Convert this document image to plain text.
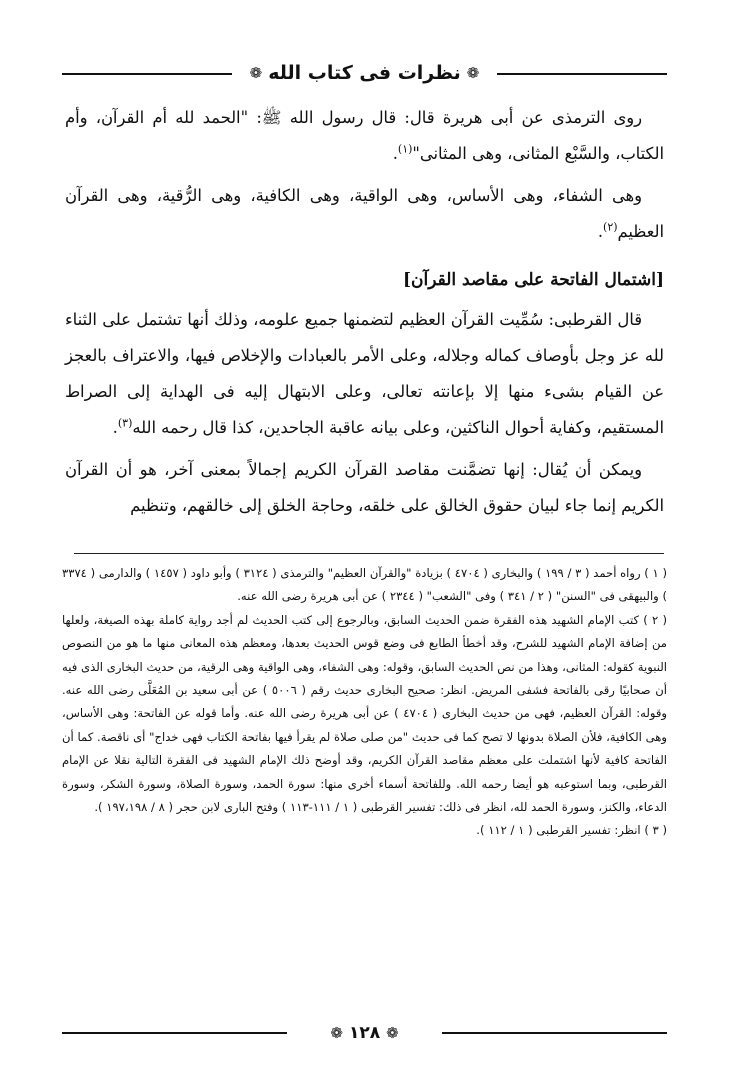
❁
نظرات فى كتاب الله
❁

روى الترمذى عن أبى هريرة قال: قال رسول الله ﷺ: "الحمد لله أم القرآن، وأم الكتاب، والسَّبْع المثانى، وهى المثانى"$^{(١)}$.

وهى الشفاء، وهى الأساس، وهى الواقية، وهى الكافية، وهى الرُّقية، وهى القرآن العظيم$^{(٢)}$.

[اشتمال الفاتحة على مقاصد القرآن]

قال القرطبى: سُمِّيت القرآن العظيم لتضمنها جميع علومه، وذلك أنها تشتمل على الثناء لله عز وجل بأوصاف كماله وجلاله، وعلى الأمر بالعبادات والإخلاص فيها، والاعتراف بالعجز عن القيام بشىء منها إلا بإعانته تعالى، وعلى الابتهال إليه فى الهداية إلى الصراط المستقيم، وكفاية أحوال الناكثين، وعلى بيانه عاقبة الجاحدين، كذا قال رحمه الله$^{(٣)}$.

ويمكن أن يُقال: إنها تضمَّنت مقاصد القرآن الكريم إجمالاً بمعنى آخر، هو أن القرآن الكريم إنما جاء لبيان حقوق الخالق على خلقه، وحاجة الخلق إلى خالقهم، وتنظيم

( ١ ) رواه أحمد ( ٣ / ١٩٩ ) والبخارى ( ٤٧٠٤ ) بزيادة "والقرآن العظيم" والترمذى ( ٣١٢٤ ) وأبو داود ( ١٤٥٧ ) والدارمى ( ٣٣٧٤ ) والبيهقى فى "السنن" ( ٢ / ٣٤١ ) وفى "الشعب" ( ٢٣٤٤ ) عن أبى هريرة رضى الله عنه.

( ٢ ) كتب الإمام الشهيد هذه الفقرة ضمن الحديث السابق، وبالرجوع إلى كتب الحديث لم أجد رواية كاملة بهذه الصيغة، ولعلها من إضافة الإمام الشهيد للشرح، وقد أخطأ الطابع فى وضع قوس الحديث بعدها، ومعظم هذه المعانى منها ما هو من النصوص النبوية كقوله: المثانى، وهذا من نص الحديث السابق، وقوله: وهى الشفاء، وهى الواقية وهى الرقية، من حديث البخارى الذى فيه أن صحابيًا رقى بالفاتحة فشفى المريض. انظر: صحيح البخارى حديث رقم ( ٥٠٠٦ ) عن أبى سعيد بن المُعَلَّى رضى الله عنه. وقوله: القرآن العظيم، فهى من حديث البخارى ( ٤٧٠٤ ) عن أبى هريرة رضى الله عنه. وأما قوله عن الفاتحة: وهى الأساس، وهى الكافية، فلأن الصلاة بدونها لا تصح كما فى حديث "من صلى صلاة لم يقرأ فيها بفاتحة الكتاب فهى خداج" أى ناقصة. كما أن الفاتحة كافية لأنها اشتملت على معظم مقاصد القرآن الكريم، وقد أوضح ذلك الإمام الشهيد فى الفقرة التالية نقلا عن الإمام القرطبى، وبما استوعبه هو أيضا رحمه الله. وللفاتحة أسماء أخرى منها: سورة الحمد، وسورة الصلاة، وسورة الشكر، وسورة الدعاء، والكنز، وسورة الحمد لله، انظر فى ذلك: تفسير القرطبى ( ١ / ١١١-١١٣ ) وفتح البارى لابن حجر ( ٨ / ١٩٧،١٩٨ ).

( ٣ ) انظر: تفسير القرطبى ( ١ / ١١٢ ).

❁
١٢٨
❁
